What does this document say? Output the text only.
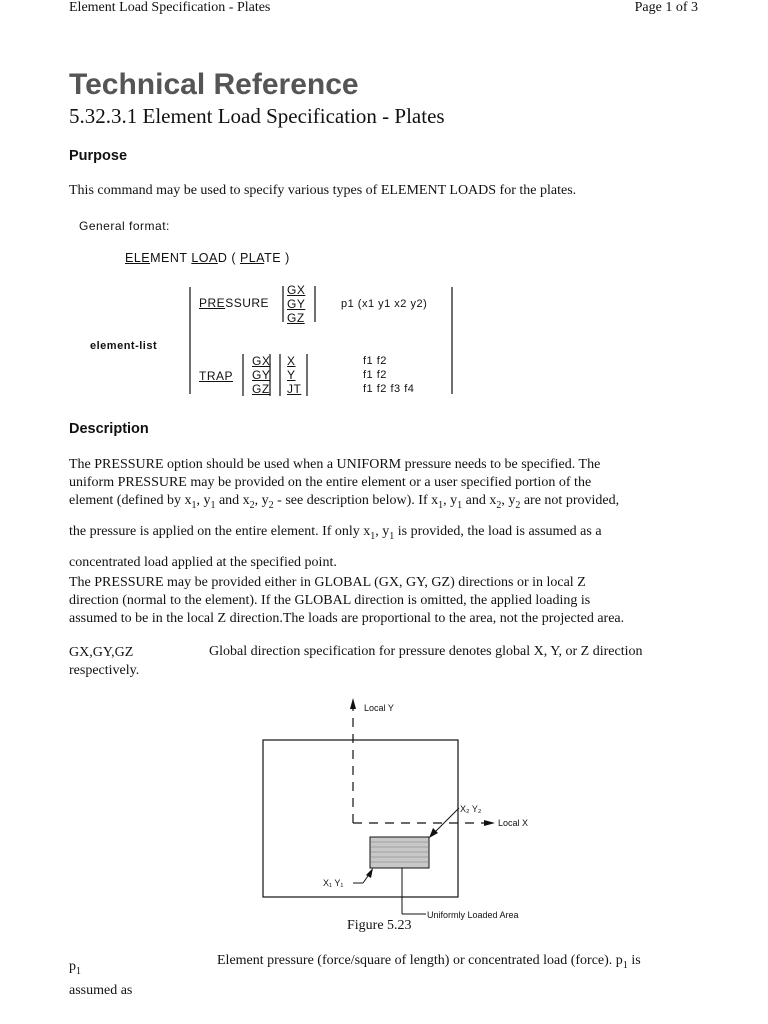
Element Load Specification - Plates	Page 1 of 3
Technical Reference
5.32.3.1 Element Load Specification - Plates
Purpose
This command may be used to specify various types of ELEMENT LOADS for the plates.
General format:
ELEMENT LOAD ( PLATE )
element-list
PRESSURE
GX
GY
GZ
p1 (x1 y1 x2 y2)
TRAP
GX
GY
GZ
X
Y
JT
f1 f2
f1 f2
f1 f2 f3 f4
Description
The PRESSURE option should be used when a UNIFORM pressure needs to be specified. The
uniform PRESSURE may be provided on the entire element or a user specified portion of the
element (defined by $x_1$, $y_1$ and $x_2$, $y_2$ - see description below). If $x_1$, $y_1$ and $x_2$, $y_2$ are not provided,
the pressure is applied on the entire element. If only $x_1$, $y_1$ is provided, the load is assumed as a
concentrated load applied at the specified point.
The PRESSURE may be provided either in GLOBAL (GX, GY, GZ) directions or in local Z
direction (normal to the element). If the GLOBAL direction is omitted, the applied loading is
assumed to be in the local Z direction.The loads are proportional to the area, not the projected area.
GX,GY,GZ
respectively.
Global direction specification for pressure denotes global X, Y, or Z direction
Local Y
Local X
X₂ Y₂
X₁ Y₁
Uniformly Loaded Area
Figure 5.23
$p_1$
assumed as
Element pressure (force/square of length) or concentrated load (force). $p_1$ is
